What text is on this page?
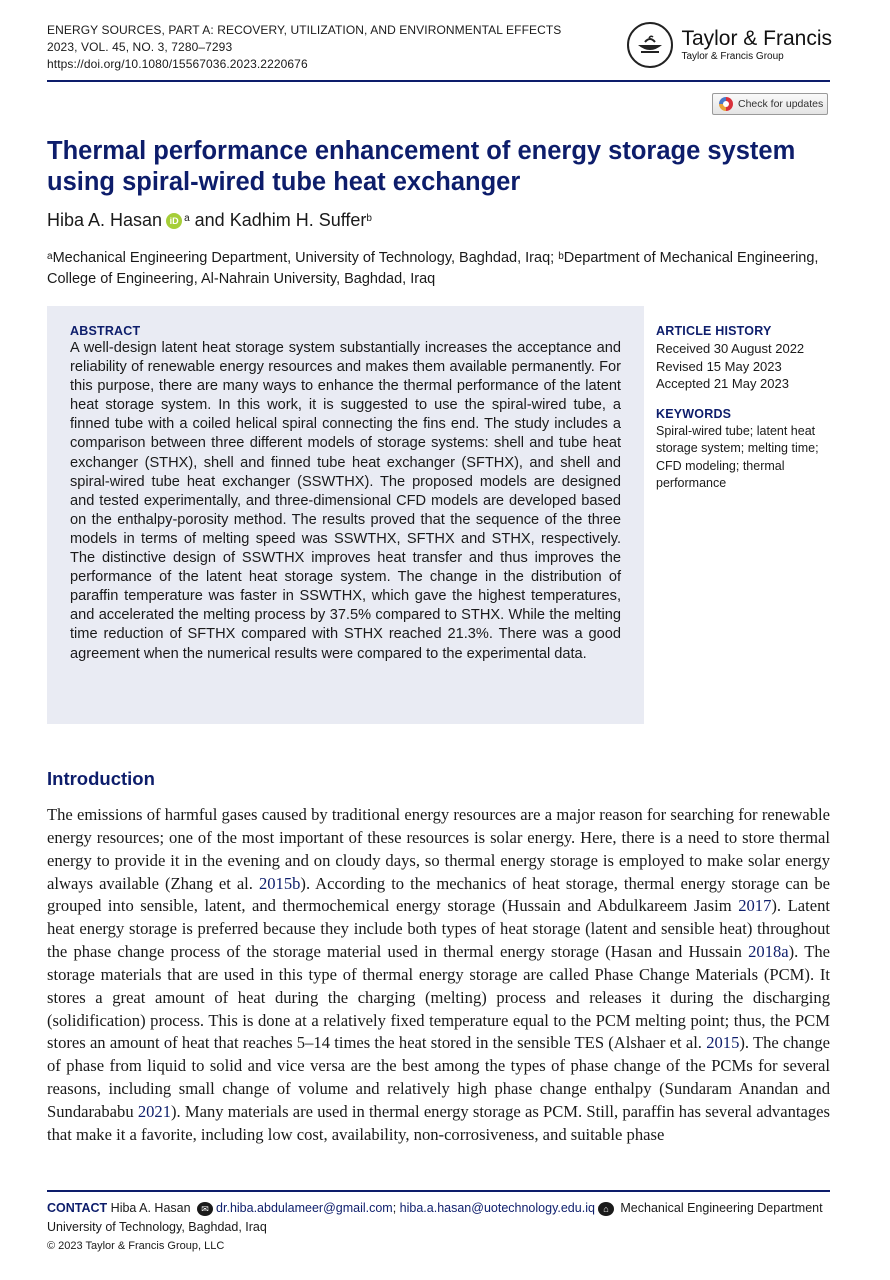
ENERGY SOURCES, PART A: RECOVERY, UTILIZATION, AND ENVIRONMENTAL EFFECTS
2023, VOL. 45, NO. 3, 7280–7293
https://doi.org/10.1080/15567036.2023.2220676
Taylor & Francis
Taylor & Francis Group
Check for updates
Thermal performance enhancement of energy storage system using spiral-wired tube heat exchanger
Hiba A. Hasan iD $^a$ and Kadhim H. Suffer$^b$
$^a$Mechanical Engineering Department, University of Technology, Baghdad, Iraq; $^b$Department of Mechanical Engineering, College of Engineering, Al-Nahrain University, Baghdad, Iraq
ABSTRACT

A well-design latent heat storage system substantially increases the acceptance and reliability of renewable energy resources and makes them available permanently. For this purpose, there are many ways to enhance the thermal performance of the latent heat storage system. In this work, it is suggested to use the spiral-wired tube, a finned tube with a coiled helical spiral connecting the fins end. The study includes a comparison between three different models of storage systems: shell and tube heat exchanger (STHX), shell and finned tube heat exchanger (SFTHX), and shell and spiral-wired tube heat exchanger (SSWTHX). The proposed models are designed and tested experimentally, and three-dimensional CFD models are developed based on the enthalpy-porosity method. The results proved that the sequence of the three models in terms of melting speed was SSWTHX, SFTHX and STHX, respectively. The distinctive design of SSWTHX improves heat transfer and thus improves the performance of the latent heat storage system. The change in the distribution of paraffin temperature was faster in SSWTHX, which gave the highest temperatures, and accelerated the melting process by 37.5% compared to STHX. While the melting time reduction of SFTHX compared with STHX reached 21.3%. There was a good agreement when the numerical results were compared to the experimental data.

ARTICLE HISTORY
Received 30 August 2022
Revised 15 May 2023
Accepted 21 May 2023
KEYWORDS
Spiral-wired tube; latent heat storage system; melting time; CFD modeling; thermal performance
Introduction

The emissions of harmful gases caused by traditional energy resources are a major reason for searching for renewable energy resources; one of the most important of these resources is solar energy. Here, there is a need to store thermal energy to provide it in the evening and on cloudy days, so thermal energy storage is employed to make solar energy always available (Zhang et al. 2015b). According to the mechanics of heat storage, thermal energy storage can be grouped into sensible, latent, and thermochemical energy storage (Hussain and Abdulkareem Jasim 2017). Latent heat energy storage is preferred because they include both types of heat storage (latent and sensible heat) throughout the phase change process of the storage material used in thermal energy storage (Hasan and Hussain 2018a). The storage materials that are used in this type of thermal energy storage are called Phase Change Materials (PCM). It stores a great amount of heat during the charging (melting) process and releases it during the discharging (solidification) process. This is done at a relatively fixed temperature equal to the PCM melting point; thus, the PCM stores an amount of heat that reaches 5–14 times the heat stored in the sensible TES (Alshaer et al. 2015). The change of phase from liquid to solid and vice versa are the best among the types of phase change of the PCMs for several reasons, including small change of volume and relatively high phase change enthalpy (Sundaram Anandan and Sundarababu 2021). Many materials are used in thermal energy storage as PCM. Still, paraffin has several advantages that make it a favorite, including low cost, availability, non-corrosiveness, and suitable phase

CONTACT Hiba A. Hasan ✉ dr.hiba.abdulameer@gmail.com; hiba.a.hasan@uotechnology.edu.iq ⌂ Mechanical Engineering Department University of Technology, Baghdad, Iraq
© 2023 Taylor & Francis Group, LLC
